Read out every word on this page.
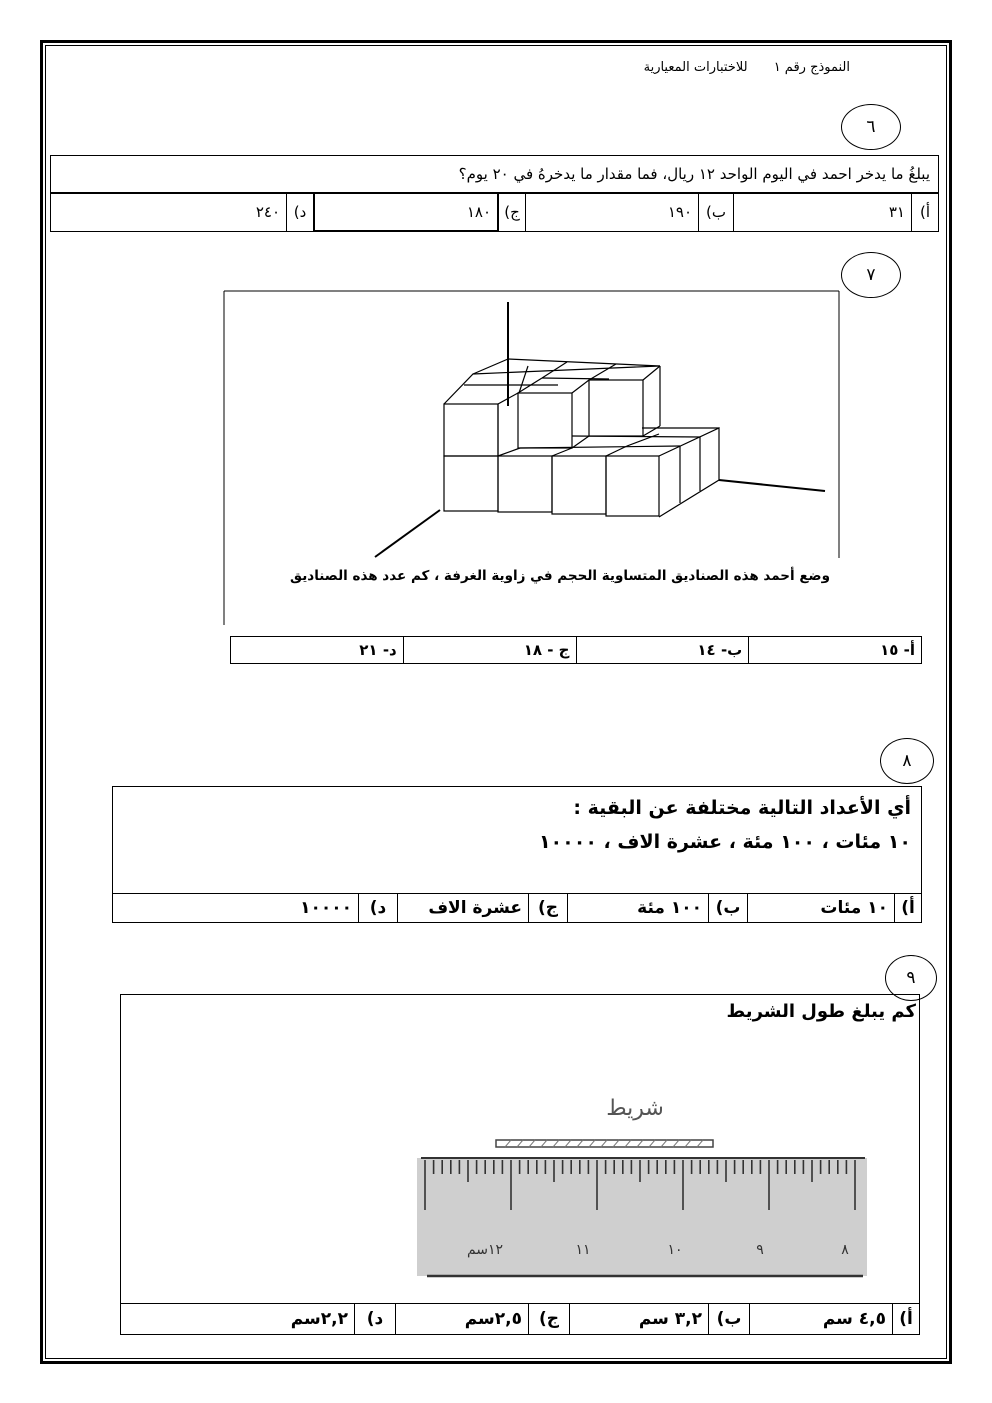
النموذج رقم ١ للاختبارات المعيارية
٦
يبلغُ ما يدخر احمد في اليوم الواحد ١٢ ريال، فما مقدار ما يدخرهُ في ٢٠ يوم؟
أ)	٣١	ب)	١٩٠	ج)	١٨٠	د)	٢٤٠
٧
وضع أحمد هذه الصناديق المتساوية الحجم في زاوية الغرفة ، كم عدد هذه الصناديق
أ- ١٥	ب- ١٤	ج - ١٨	د- ٢١
٨
أي الأعداد التالية مختلفة عن البقية :
١٠ مئات ، ١٠٠ مئة ، عشرة الاف ، ١٠٠٠٠
أ)	١٠ مئات	ب)	١٠٠ مئة	ج)	عشرة الاف	د)	١٠٠٠٠
٩
كم يبلغ طول الشريط
شريط
٨
٩
١٠
١١
١٢سم
أ)	٤,٥ سم	ب)	٣,٢ سم	ج)	٢,٥سم	د)	٢,٢سم
